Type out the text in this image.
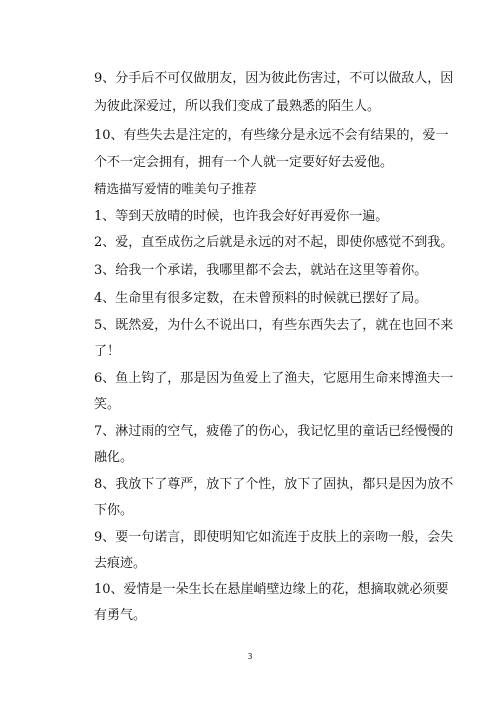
9、分手后不可仅做朋友，因为彼此伤害过，不可以做敌人，因
为彼此深爱过，所以我们变成了最熟悉的陌生人。
10、有些失去是注定的，有些缘分是永远不会有结果的，爱一
个不一定会拥有，拥有一个人就一定要好好去爱他。
精选描写爱情的唯美句子推荐
1、等到天放晴的时候，也许我会好好再爱你一遍。
2、爱，直至成伤之后就是永远的对不起，即使你感觉不到我。
3、给我一个承诺，我哪里都不会去，就站在这里等着你。
4、生命里有很多定数，在未曾预料的时候就已摆好了局。
5、既然爱，为什么不说出口，有些东西失去了，就在也回不来
了！
6、鱼上钩了，那是因为鱼爱上了渔夫，它愿用生命来博渔夫一
笑。
7、淋过雨的空气，疲倦了的伤心，我记忆里的童话已经慢慢的
融化。
8、我放下了尊严，放下了个性，放下了固执，都只是因为放不
下你。
9、要一句诺言，即使明知它如流连于皮肤上的亲吻一般，会失
去痕迹。
10、爱情是一朵生长在悬崖峭壁边缘上的花，想摘取就必须要
有勇气。
3
